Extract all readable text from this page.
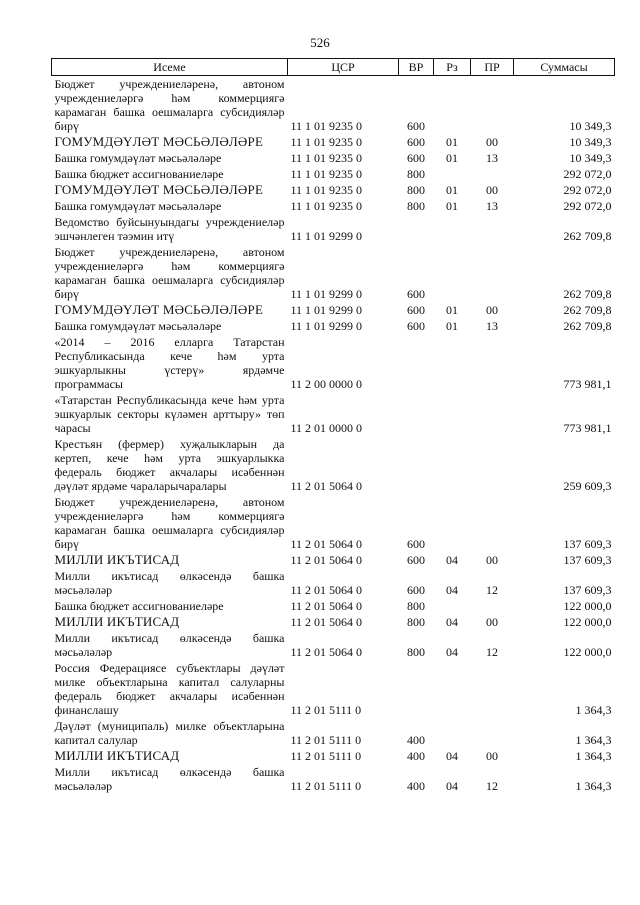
526
Исеме	ЦСР	ВР	Рз	ПР	Суммасы
Бюджет учреждениеләренә, автоном учреждениеләргә һәм коммерциягә карамаган башка оешмаларга субсидияләр бирү	11 1 01 9235 0	600			10 349,3
ГОМУМДӘҮЛӘТ МӘСЬӘЛӘЛӘРЕ	11 1 01 9235 0	600	01	00	10 349,3
Башка гомумдәүләт мәсьәләләре	11 1 01 9235 0	600	01	13	10 349,3
Башка бюджет ассигнованиеләре	11 1 01 9235 0	800			292 072,0
ГОМУМДӘҮЛӘТ МӘСЬӘЛӘЛӘРЕ	11 1 01 9235 0	800	01	00	292 072,0
Башка гомумдәүләт мәсьәләләре	11 1 01 9235 0	800	01	13	292 072,0
Ведомство буйсынуындагы учреждениеләр эшчәнлеген тәэмин итү	11 1 01 9299 0				262 709,8
Бюджет учреждениеләренә, автоном учреждениеләргә һәм коммерциягә карамаган башка оешмаларга субсидияләр бирү	11 1 01 9299 0	600			262 709,8
ГОМУМДӘҮЛӘТ МӘСЬӘЛӘЛӘРЕ	11 1 01 9299 0	600	01	00	262 709,8
Башка гомумдәүләт мәсьәләләре	11 1 01 9299 0	600	01	13	262 709,8
«2014 – 2016 елларга Татарстан Республикасында кече һәм урта эшкуарлыкны үстерү» ярдәмче программасы	11 2 00 0000 0				773 981,1
«Татарстан Республикасында кече һәм урта эшкуарлык секторы күләмен арттыру» төп чарасы	11 2 01 0000 0				773 981,1
Крестьян (фермер) хуҗалыкларын да кертеп, кече һәм урта эшкуарлыкка федераль бюджет акчалары исәбеннән дәүләт ярдәме чараларычаралары	11 2 01 5064 0				259 609,3
Бюджет учреждениеләренә, автоном учреждениеләргә һәм коммерциягә карамаган башка оешмаларга субсидияләр бирү	11 2 01 5064 0	600			137 609,3
МИЛЛИ ИКЪТИСАД	11 2 01 5064 0	600	04	00	137 609,3
Милли икътисад өлкәсендә башка мәсьәләләр	11 2 01 5064 0	600	04	12	137 609,3
Башка бюджет ассигнованиеләре	11 2 01 5064 0	800			122 000,0
МИЛЛИ ИКЪТИСАД	11 2 01 5064 0	800	04	00	122 000,0
Милли икътисад өлкәсендә башка мәсьәләләр	11 2 01 5064 0	800	04	12	122 000,0
Россия Федерациясе субъектлары дәүләт милке объектларына капитал салуларны федераль бюджет акчалары исәбеннән финанслашу	11 2 01 5111 0				1 364,3
Дәүләт (муниципаль) милке объектларына капитал салулар	11 2 01 5111 0	400			1 364,3
МИЛЛИ ИКЪТИСАД	11 2 01 5111 0	400	04	00	1 364,3
Милли икътисад өлкәсендә башка мәсьәләләр	11 2 01 5111 0	400	04	12	1 364,3
